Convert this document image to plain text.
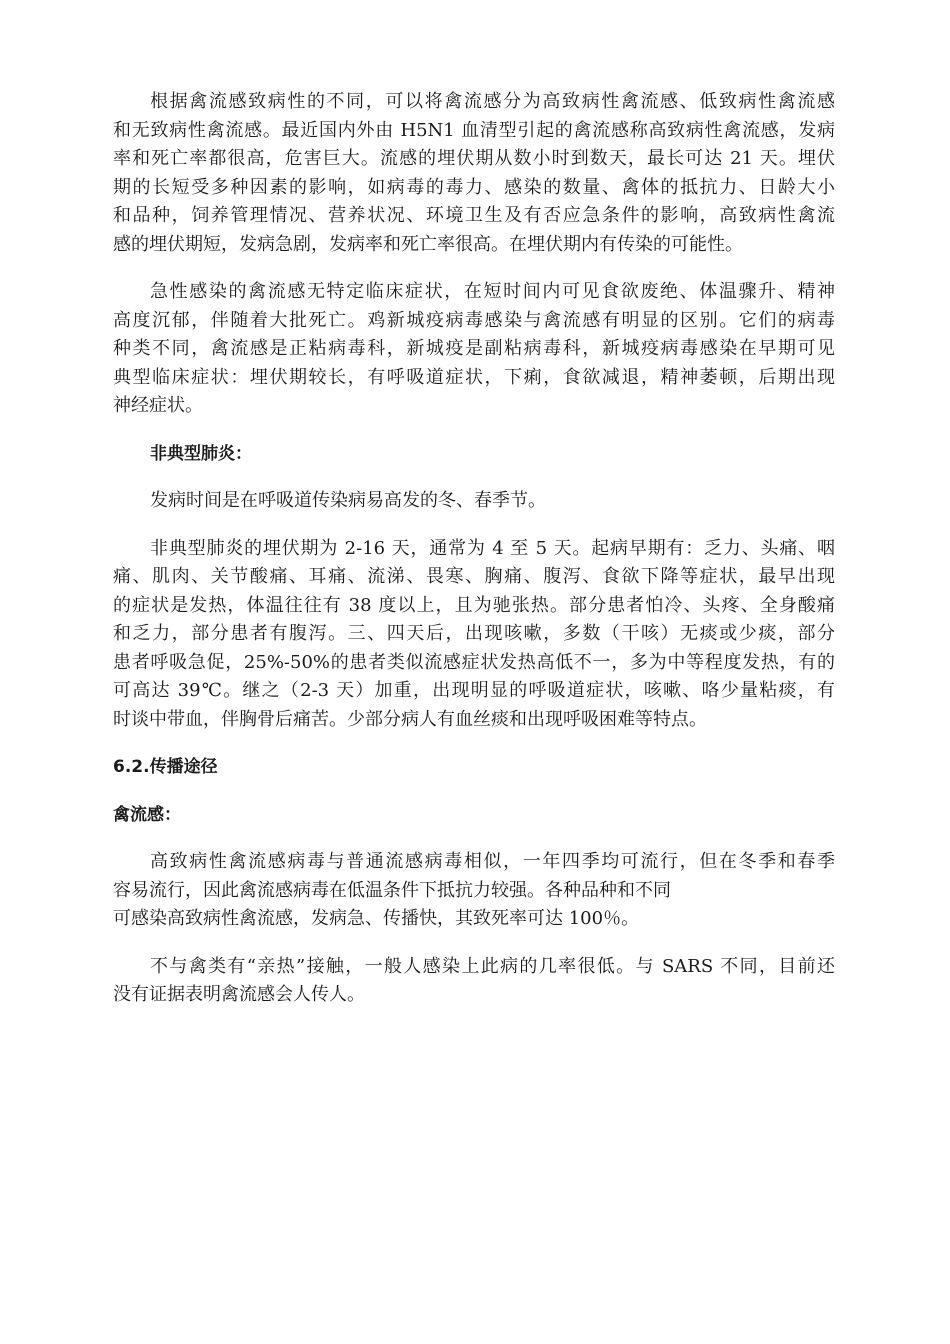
根据禽流感致病性的不同，可以将禽流感分为高致病性禽流感、低致病性禽流感
和无致病性禽流感。最近国内外由 H5N1 血清型引起的禽流感称高致病性禽流感，发病
率和死亡率都很高，危害巨大。流感的埋伏期从数小时到数天，最长可达 21 天。埋伏
期的长短受多种因素的影响，如病毒的毒力、感染的数量、禽体的抵抗力、日龄大小
和品种，饲养管理情况、营养状况、环境卫生及有否应急条件的影响，高致病性禽流
感的埋伏期短，发病急剧，发病率和死亡率很高。在埋伏期内有传染的可能性。
急性感染的禽流感无特定临床症状，在短时间内可见食欲废绝、体温骤升、精神
高度沉郁，伴随着大批死亡。鸡新城疫病毒感染与禽流感有明显的区别。它们的病毒
种类不同，禽流感是正粘病毒科，新城疫是副粘病毒科，新城疫病毒感染在早期可见
典型临床症状：埋伏期较长，有呼吸道症状，下痢，食欲减退，精神萎顿，后期出现
神经症状。
非典型肺炎：
发病时间是在呼吸道传染病易高发的冬、春季节。
非典型肺炎的埋伏期为 2-16 天，通常为 4 至 5 天。起病早期有：乏力、头痛、咽
痛、肌肉、关节酸痛、耳痛、流涕、畏寒、胸痛、腹泻、食欲下降等症状，最早出现
的症状是发热，体温往往有 38 度以上，且为驰张热。部分患者怕冷、头疼、全身酸痛
和乏力，部分患者有腹泻。三、四天后，出现咳嗽，多数（干咳）无痰或少痰，部分
患者呼吸急促，25%-50%的患者类似流感症状发热高低不一，多为中等程度发热，有的
可高达 39℃。继之（2-3 天）加重，出现明显的呼吸道症状，咳嗽、咯少量粘痰，有
时谈中带血，伴胸骨后痛苦。少部分病人有血丝痰和出现呼吸困难等特点。
6.2.传播途径
禽流感：
高致病性禽流感病毒与普通流感病毒相似，一年四季均可流行，但在冬季和春季
容易流行，因此禽流感病毒在低温条件下抵抗力较强。各种品种和不同
可感染高致病性禽流感，发病急、传播快，其致死率可达 100％。
不与禽类有“亲热”接触，一般人感染上此病的几率很低。与 SARS 不同，目前还
没有证据表明禽流感会人传人。
